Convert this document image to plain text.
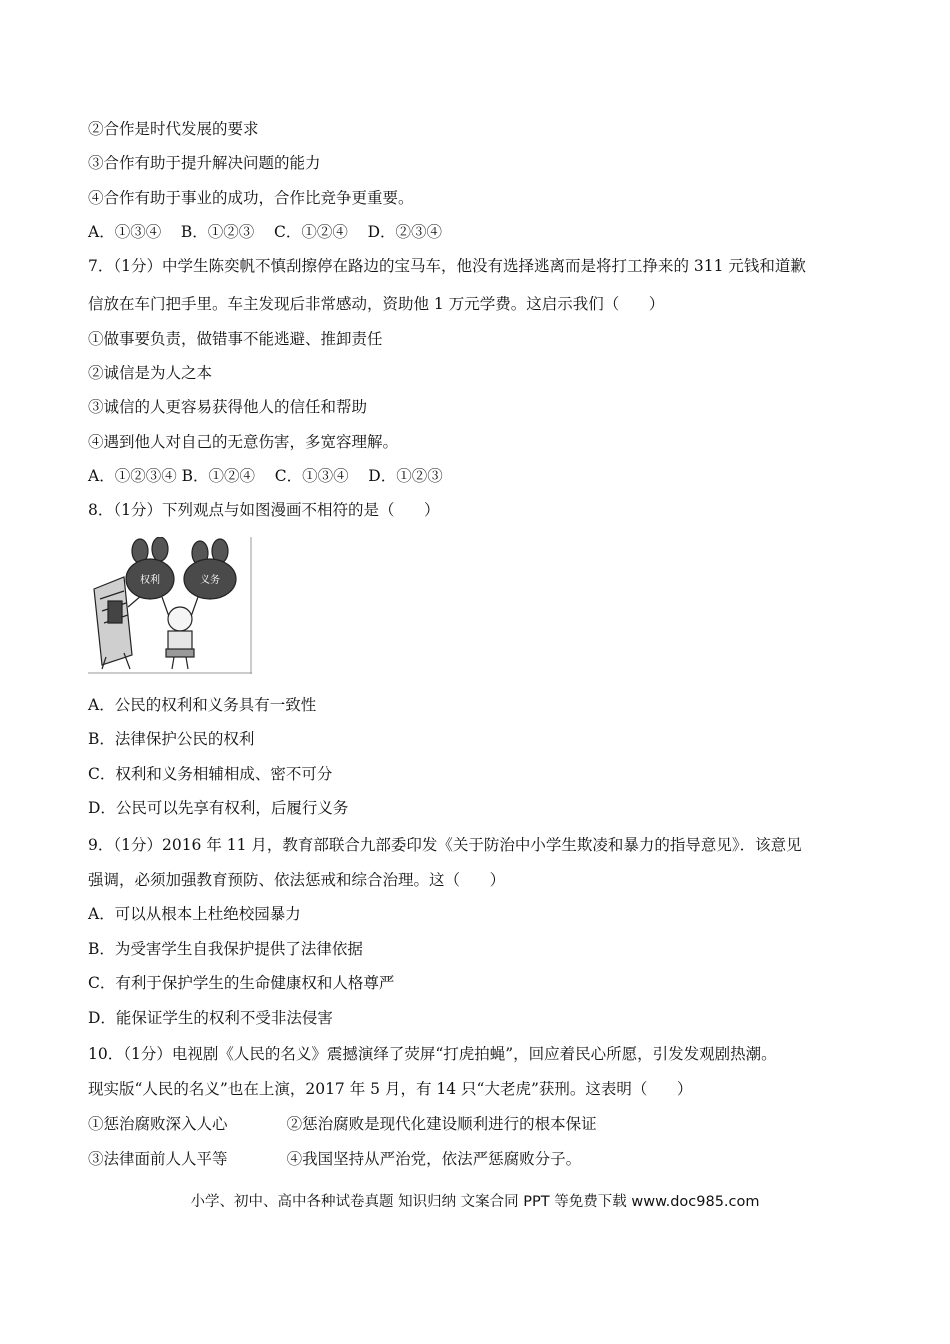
②合作是时代发展的要求
③合作有助于提升解决问题的能力
④合作有助于事业的成功，合作比竞争更重要。
A．①③④    B．①②③    C．①②④    D．②③④
7．（1分）中学生陈奕帆不慎刮擦停在路边的宝马车，他没有选择逃离而是将打工挣来的 311 元钱和道歉
信放在车门把手里。车主发现后非常感动，资助他 1 万元学费。这启示我们（      ）
①做事要负责，做错事不能逃避、推卸责任
②诚信是为人之本
③诚信的人更容易获得他人的信任和帮助
④遇到他人对自己的无意伤害，多宽容理解。
A．①②③④ B．①②④    C．①③④    D．①②③
8．（1分）下列观点与如图漫画不相符的是（      ）
权利	义务
A．公民的权利和义务具有一致性
B．法律保护公民的权利
C．权利和义务相辅相成、密不可分
D．公民可以先享有权利，后履行义务
9．（1分）2016 年 11 月，教育部联合九部委印发《关于防治中小学生欺凌和暴力的指导意见》．该意见
强调，必须加强教育预防、依法惩戒和综合治理。这（      ）
A．可以从根本上杜绝校园暴力
B．为受害学生自我保护提供了法律依据
C．有利于保护学生的生命健康权和人格尊严
D．能保证学生的权利不受非法侵害
10．（1分）电视剧《人民的名义》震撼演绎了荧屏“打虎拍蝇”，回应着民心所愿，引发发观剧热潮。
现实版“人民的名义”也在上演，2017 年 5 月，有 14 只“大老虎”获刑。这表明（      ）
①惩治腐败深入人心            ②惩治腐败是现代化建设顺利进行的根本保证
③法律面前人人平等            ④我国坚持从严治党，依法严惩腐败分子。
小学、初中、高中各种试卷真题 知识归纳 文案合同 PPT 等免费下载 www.doc985.com
